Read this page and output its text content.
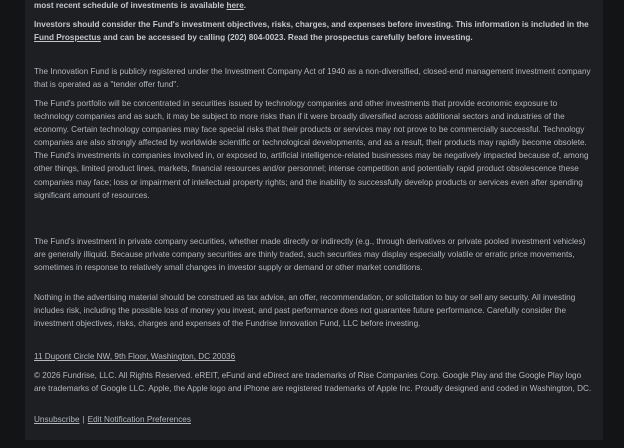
most recent schedule of investments is available here.

Investors should consider the Fund's investment objectives, risks, charges, and expenses before investing. This information is included in the Fund Prospectus and can be accessed by calling (202) 804-0023. Read the prospectus carefully before investing.

The Innovation Fund is publicly registered under the Investment Company Act of 1940 as a non-diversified, closed-end management investment company that is operated as a "tender offer fund".

The Fund's portfolio will be concentrated in securities issued by technology companies and other investments that provide economic exposure to technology companies and as such, it may be subject to more risks than if it were broadly diversified across additional sectors and industries of the economy. Certain technology companies may face special risks that their products or services may not prove to be commercially successful. Technology companies are also strongly affected by worldwide scientific or technological developments, and as a result, their products may rapidly become obsolete. The Fund's investments in companies involved in, or exposed to, artificial intelligence-related businesses may be negatively impacted because of, among other things, limited product lines, markets, financial resources and/or personnel; intense competition and potentially rapid product obsolescence these companies may face; loss or impairment of intellectual property rights; and the inability to successfully develop products or services even after spending significant amount of resources.

The Fund's investment in private company securities, whether made directly or indirectly (e.g., through derivatives or private pooled investment vehicles) are generally illiquid. Because private company securities are thinly traded, such securities may display especially volatile or erratic price movements, sometimes in response to relatively small changes in investor supply or demand or other market conditions.

Nothing in the advertising material should be construed as tax advice, an offer, recommendation, or solicitation to buy or sell any security. All investing includes risk, including the possible loss of money you invest, and past performance does not guarantee future performance. Carefully consider the investment objectives, risks, charges and expenses of the Fundrise Innovation Fund, LLC before investing.

11 Dupont Circle NW, 9th Floor, Washington, DC 20036

© 2026 Fundrise, LLC. All Rights Reserved. eREIT, eFund and eDirect are trademarks of Rise Companies Corp. Google Play and the Google Play logo are trademarks of Google LLC. Apple, the Apple logo and iPhone are registered trademarks of Apple Inc. Proudly designed and coded in Washington, DC.

Unsubscribe | Edit Notification Preferences
